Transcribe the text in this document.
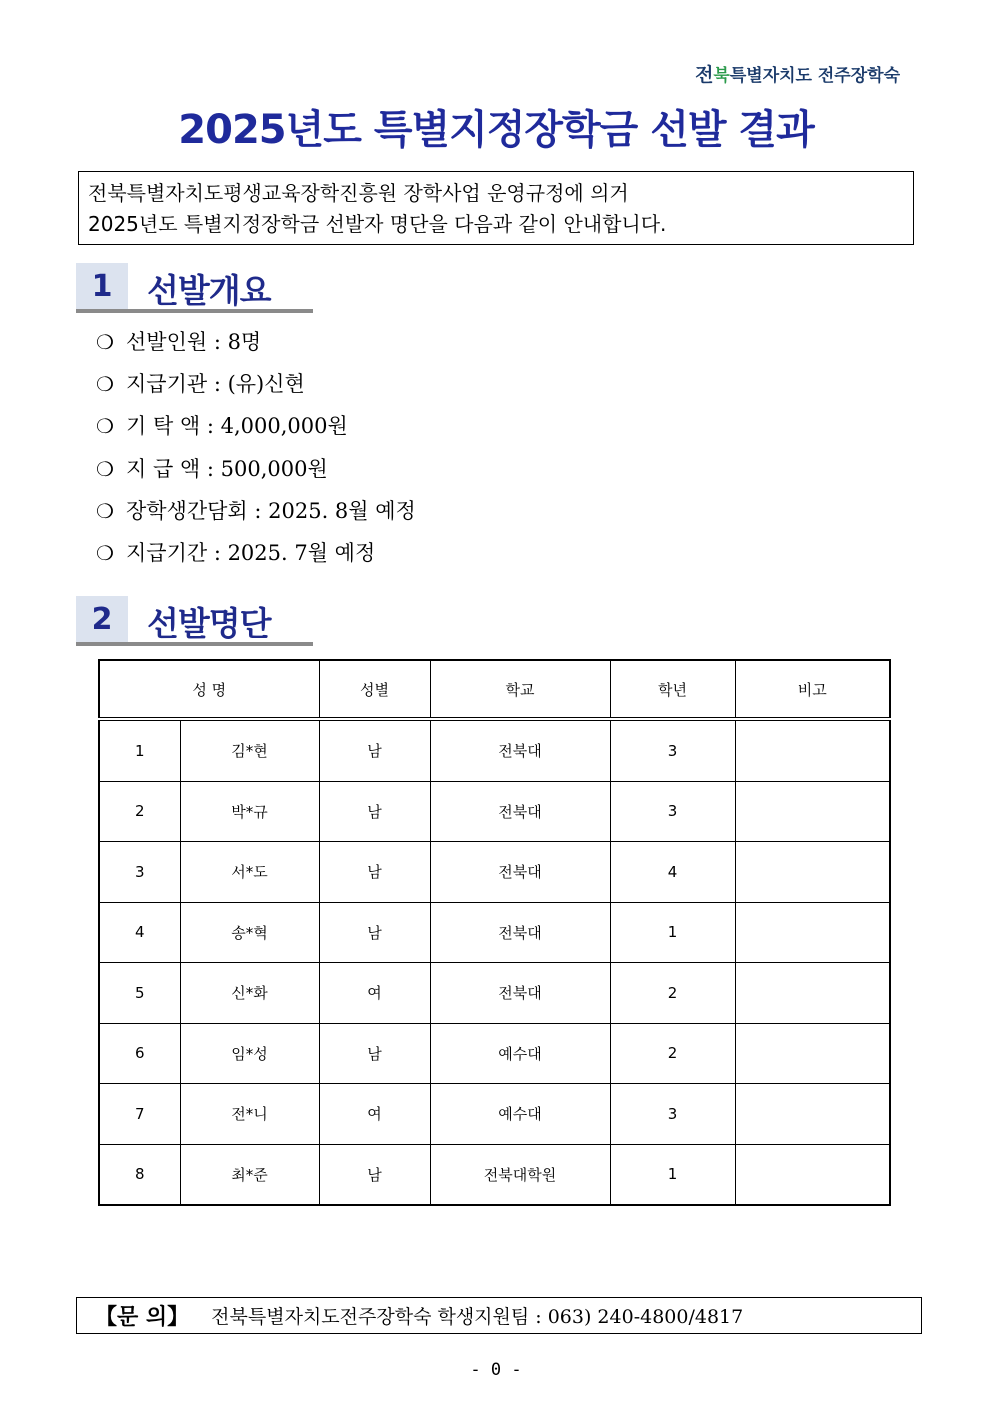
전북특별자치도 전주장학숙
2025년도 특별지정장학금 선발 결과
전북특별자치도평생교육장학진흥원 장학사업 운영규정에 의거
2025년도 특별지정장학금 선발자 명단을 다음과 같이 안내합니다.
1	선발개요
❍ 선발인원 : 8명
❍ 지급기관 : (유)신현
❍ 기 탁 액 : 4,000,000원
❍ 지 급 액 : 500,000원
❍ 장학생간담회 : 2025. 8월 예정
❍ 지급기간 : 2025. 7월 예정
2	선발명단
성 명		성별	학교	학년	비고
1	김*현	남	전북대	3	
2	박*규	남	전북대	3	
3	서*도	남	전북대	4	
4	송*혁	남	전북대	1	
5	신*화	여	전북대	2	
6	임*성	남	예수대	2	
7	전*니	여	예수대	3	
8	최*준	남	전북대학원	1	
【문 의】 전북특별자치도전주장학숙 학생지원팀 : 063) 240-4800/4817
- 0 -
